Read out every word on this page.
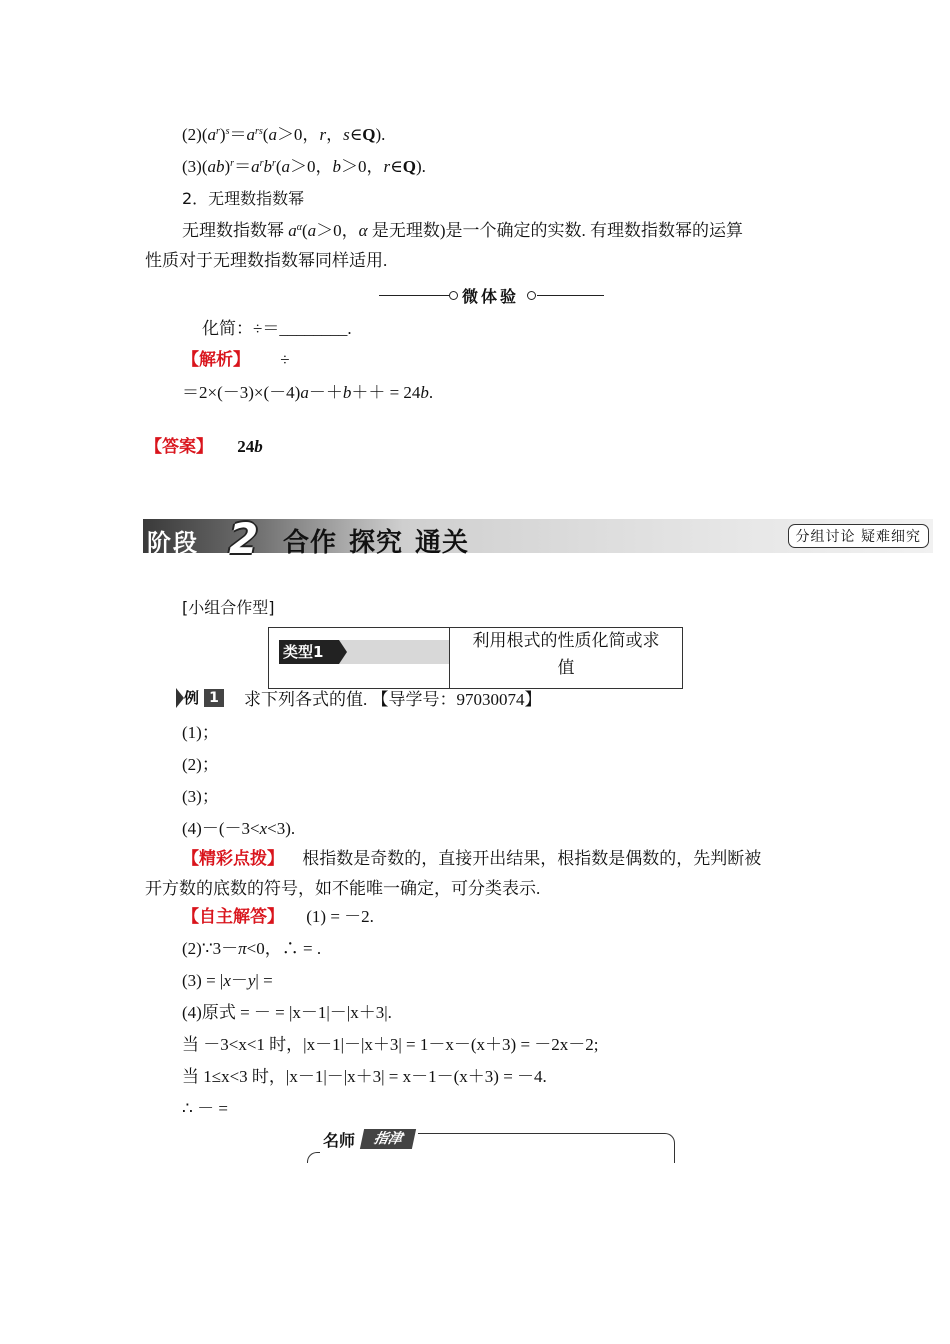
$(2)(a^r)^s=a^{rs}(a>0$，r，s∈Q).
$(3)(ab)^r=a^rb^r(a>0$，b＞0，r∈Q).
2．无理数指数幂
无理数指数幂 $a^\alpha(a>0$，α 是无理数)是一个确定的实数. 有理数指数幂的运算
性质对于无理数指数幂同样适用.
微体验
化简：÷＝________.
【解析】 ÷
＝2×(－3)×(－4)a－＋b＋＋ = 24b.
【答案】 24b
阶段 2 合作 探究 通关	分组讨论 疑难细究
[小组合作型]
类型1
利用根式的性质化简或求
值
例 1	求下列各式的值. 【导学号：97030074】
(1)；
(2)；
(3)；
(4)－(－3<x<3).
【精彩点拨】 根指数是奇数的，直接开出结果，根指数是偶数的，先判断被
开方数的底数的符号，如不能唯一确定，可分类表示.
【自主解答】 (1) = －2.
(2)∵3－π<0，∴ = .
(3) = |x－y| =
(4)原式 = － = |x－1|－|x＋3|.
当 －3<x<1 时，|x－1|－|x＋3| = 1－x－(x＋3) = －2x－2;
当 1≤x<3 时，|x－1|－|x＋3| = x－1－(x＋3) = －4.
∴ － =
名师	指津
